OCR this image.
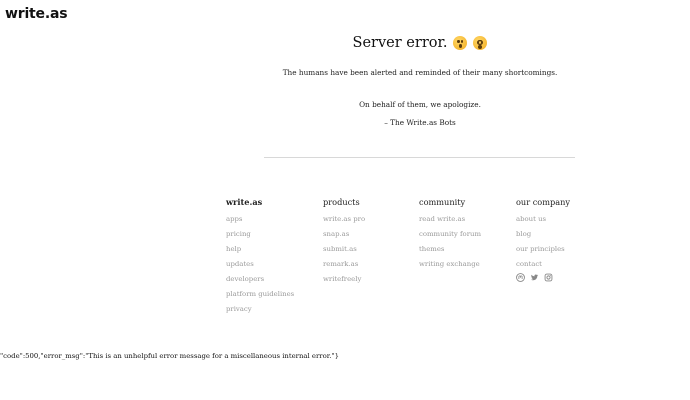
write.as
Server error.
The humans have been alerted and reminded of their many shortcomings.
On behalf of them, we apologize.
– The Write.as Bots
write.as
apps
pricing
help
updates
developers
platform guidelines
privacy
products
write.as pro
snap.as
submit.as
remark.as
writefreely
community
read write.as
community forum
themes
writing exchange
our company
about us
blog
our principles
contact
"code":500,"error_msg":"This is an unhelpful error message for a miscellaneous internal error."}
